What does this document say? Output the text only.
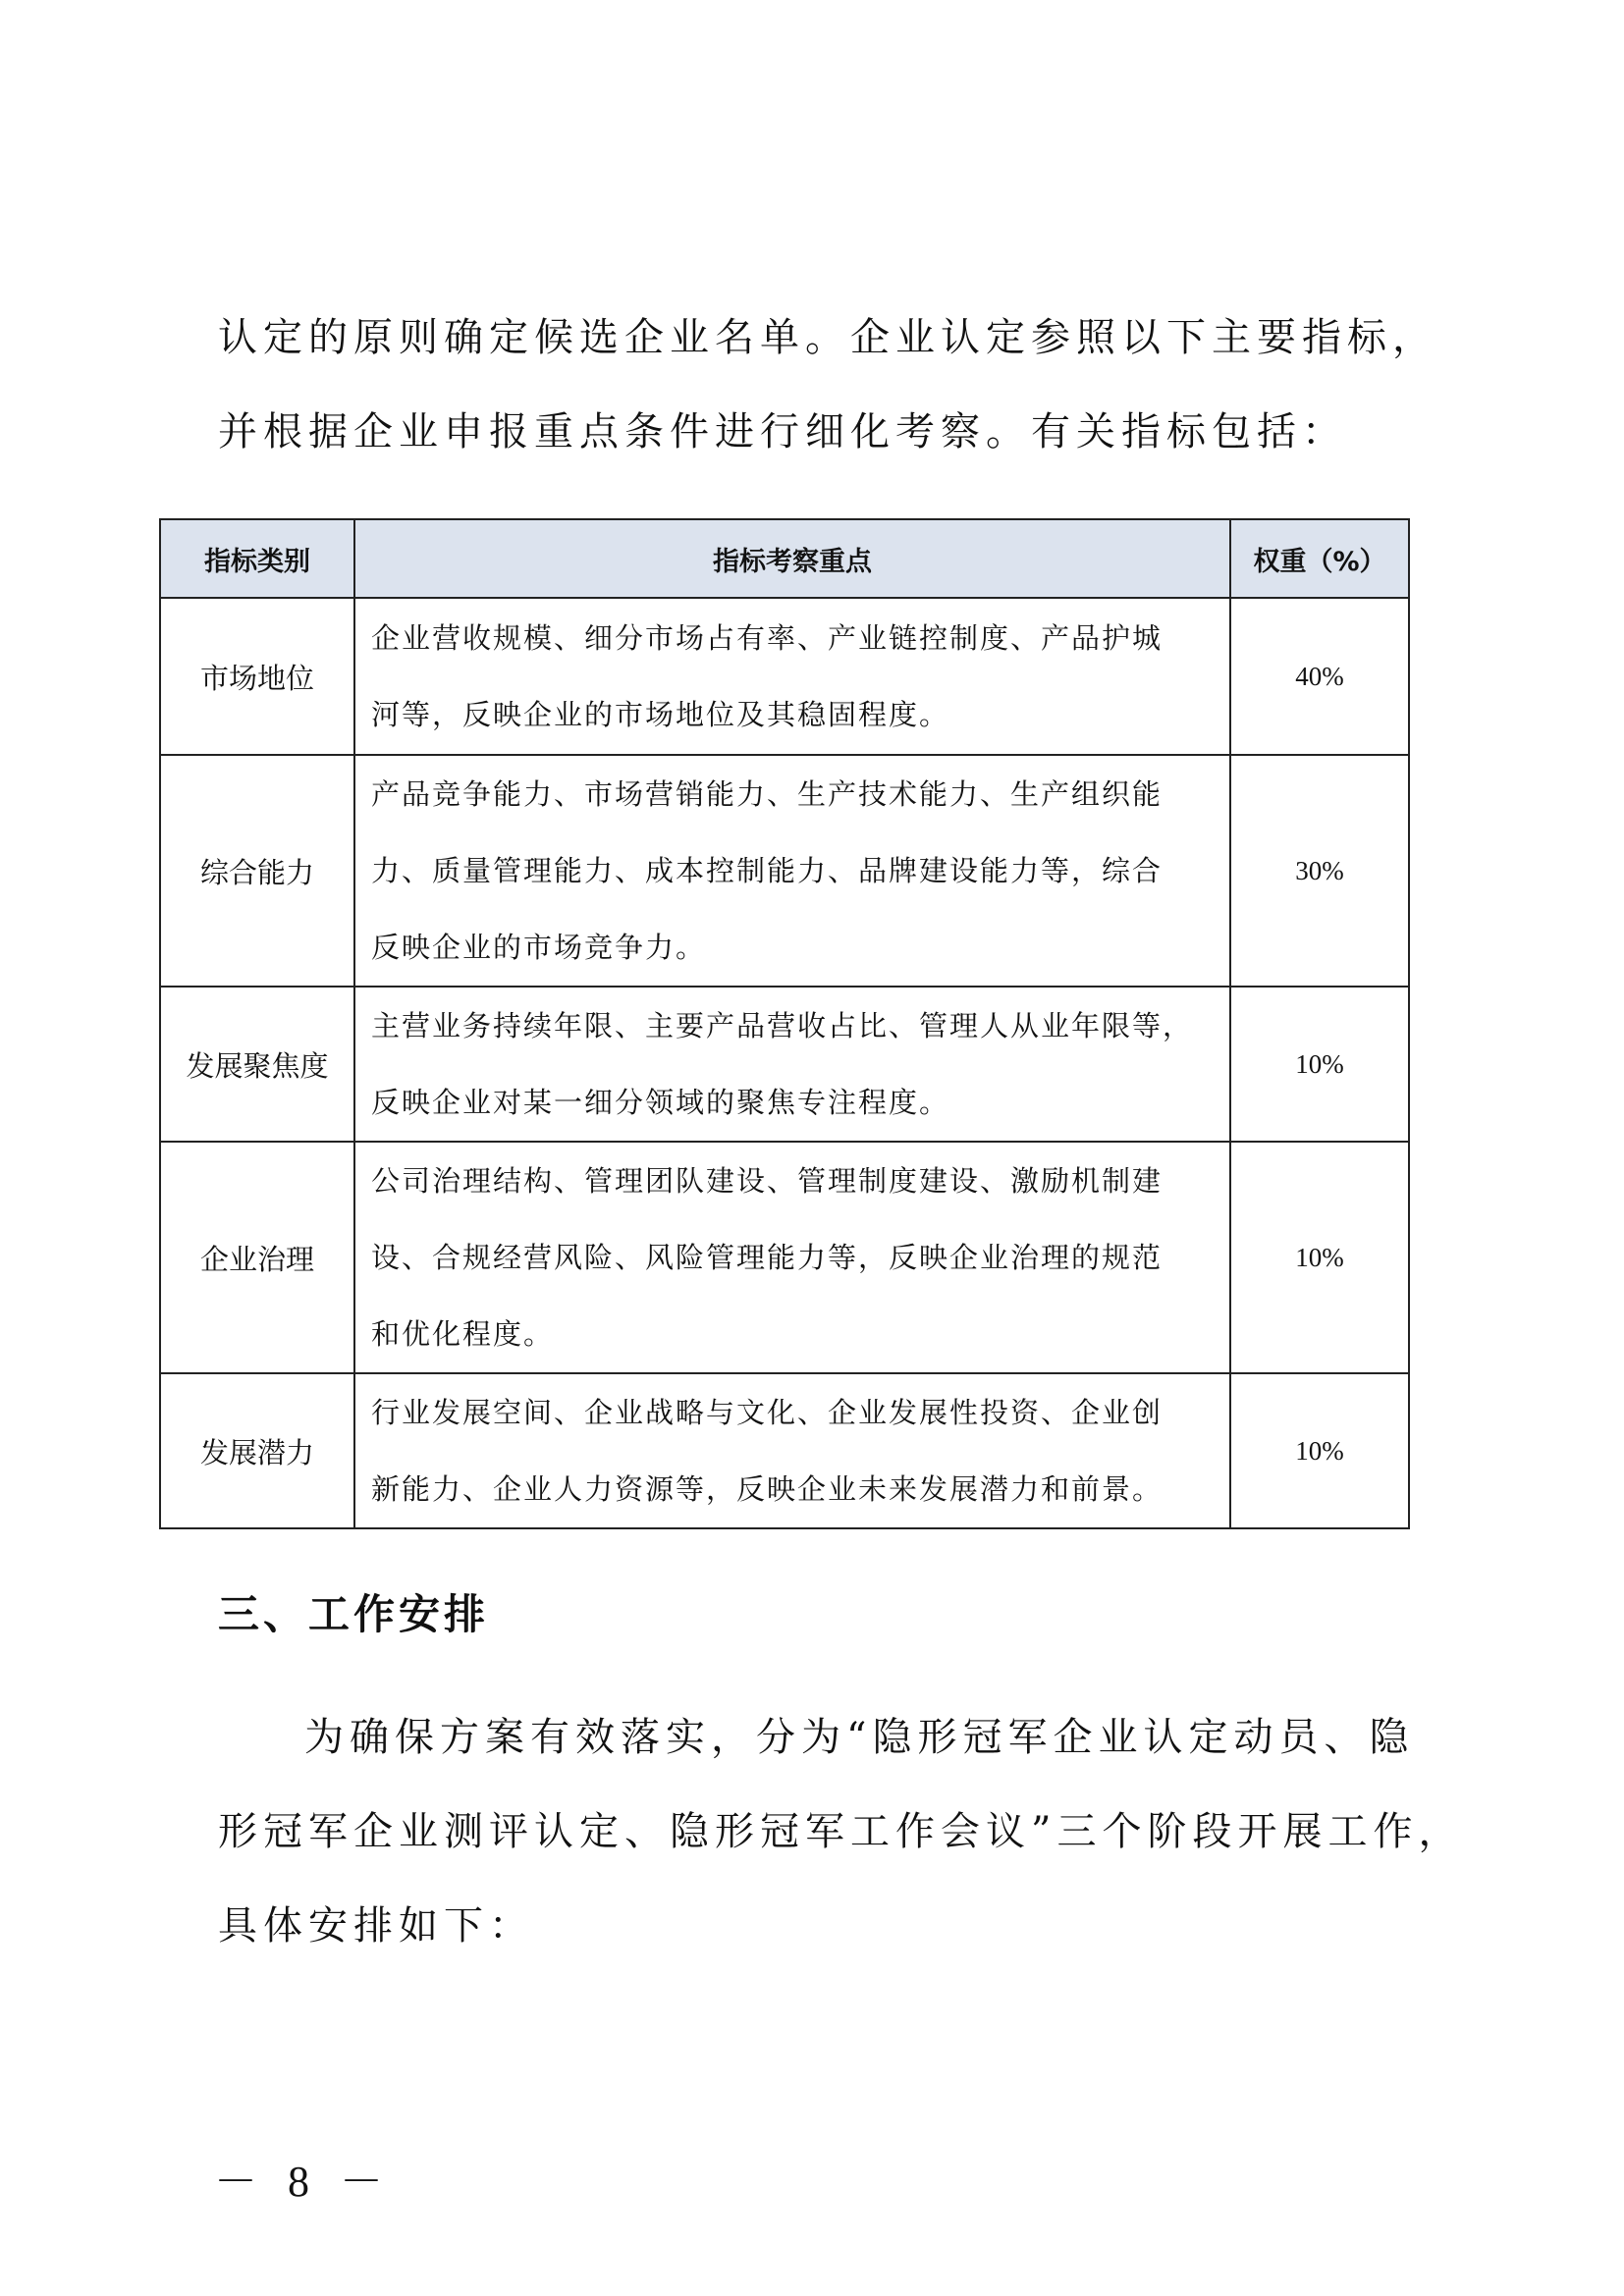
认定的原则确定候选企业名单。企业认定参照以下主要指标，
并根据企业申报重点条件进行细化考察。有关指标包括：

指标类别	指标考察重点	权重（%）
市场地位	企业营收规模、细分市场占有率、产业链控制度、产品护城
河等，反映企业的市场地位及其稳固程度。	40%
综合能力	产品竞争能力、市场营销能力、生产技术能力、生产组织能
力、质量管理能力、成本控制能力、品牌建设能力等，综合
反映企业的市场竞争力。	30%
发展聚焦度	主营业务持续年限、主要产品营收占比、管理人从业年限等，
反映企业对某一细分领域的聚焦专注程度。	10%
企业治理	公司治理结构、管理团队建设、管理制度建设、激励机制建
设、合规经营风险、风险管理能力等，反映企业治理的规范
和优化程度。	10%
发展潜力	行业发展空间、企业战略与文化、企业发展性投资、企业创
新能力、企业人力资源等，反映企业未来发展潜力和前景。	10%
三、工作安排

为确保方案有效落实，分为“隐形冠军企业认定动员、隐
形冠军企业测评认定、隐形冠军工作会议”三个阶段开展工作，
具体安排如下：

－ 8 －
